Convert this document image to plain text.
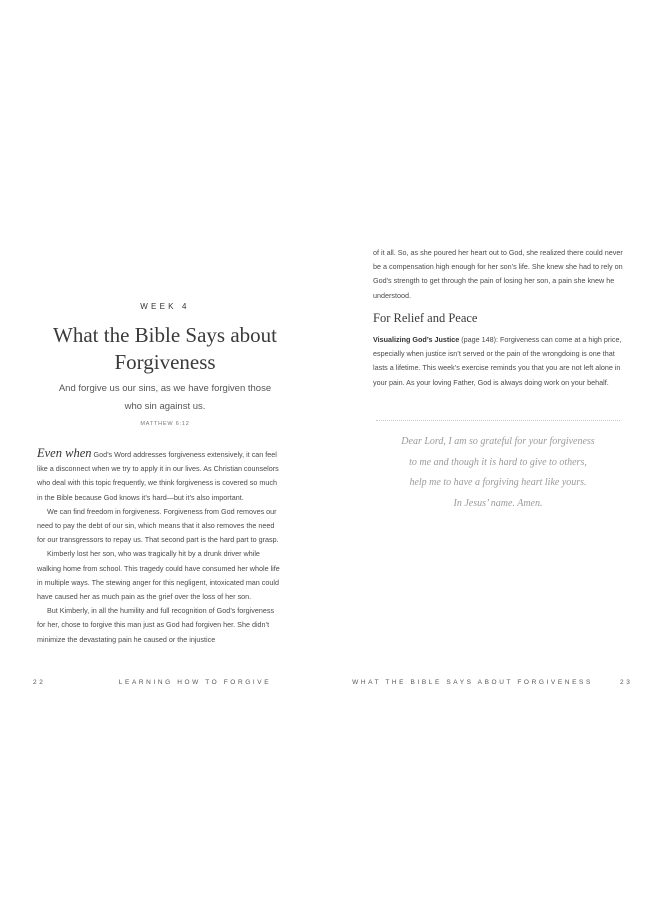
WEEK 4
What the Bible Says about Forgiveness
And forgive us our sins, as we have forgiven those
who sin against us.
MATTHEW 6:12

Even when God’s Word addresses forgiveness extensively, it can feel like a disconnect when we try to apply it in our lives. As Christian counselors who deal with this topic frequently, we think forgiveness is covered so much in the Bible because God knows it’s hard—but it’s also important.

We can find freedom in forgiveness. Forgiveness from God removes our need to pay the debt of our sin, which means that it also removes the need for our transgressors to repay us. That second part is the hard part to grasp.

Kimberly lost her son, who was tragically hit by a drunk driver while walking home from school. This tragedy could have consumed her whole life in multiple ways. The stewing anger for this negligent, intoxicated man could have caused her as much pain as the grief over the loss of her son.

But Kimberly, in all the humility and full recognition of God’s forgiveness for her, chose to forgive this man just as God had forgiven her. She didn’t minimize the devastating pain he caused or the injustice

22	LEARNING HOW TO FORGIVE

of it all. So, as she poured her heart out to God, she realized there could never be a compensation high enough for her son’s life. She knew she had to rely on God’s strength to get through the pain of losing her son, a pain she knew he understood.

For Relief and Peace

Visualizing God’s Justice (page 148): Forgiveness can come at a high price, especially when justice isn’t served or the pain of the wrongdoing is one that lasts a lifetime. This week’s exercise reminds you that you are not left alone in your pain. As your loving Father, God is always doing work on your behalf.

Dear Lord, I am so grateful for your forgiveness
to me and though it is hard to give to others,
help me to have a forgiving heart like yours.
In Jesus’ name. Amen.
WHAT THE BIBLE SAYS ABOUT FORGIVENESS	23
